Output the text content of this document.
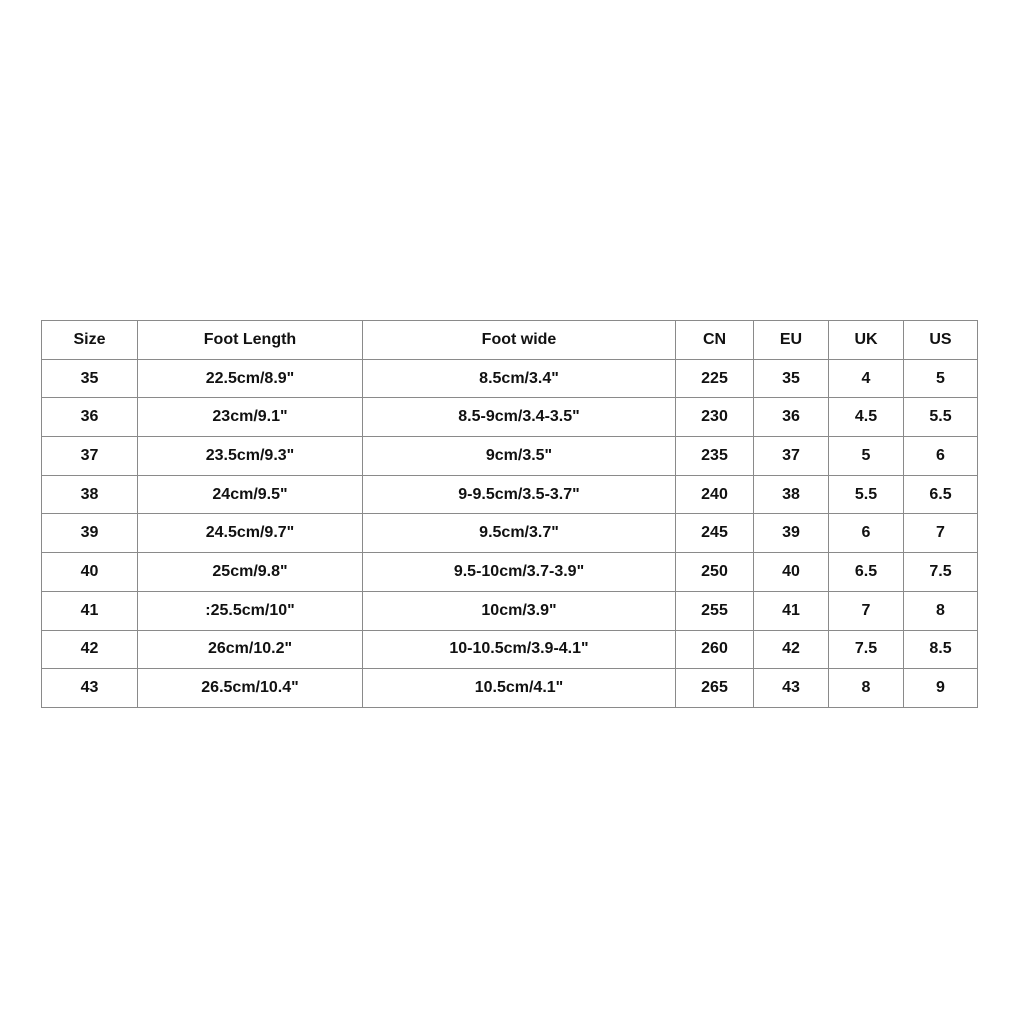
Size	Foot Length	Foot wide	CN	EU	UK	US
35	22.5cm/8.9"	8.5cm/3.4"	225	35	4	5
36	23cm/9.1"	8.5-9cm/3.4-3.5"	230	36	4.5	5.5
37	23.5cm/9.3"	9cm/3.5"	235	37	5	6
38	24cm/9.5"	9-9.5cm/3.5-3.7"	240	38	5.5	6.5
39	24.5cm/9.7"	9.5cm/3.7"	245	39	6	7
40	25cm/9.8"	9.5-10cm/3.7-3.9"	250	40	6.5	7.5
41	:25.5cm/10"	10cm/3.9"	255	41	7	8
42	26cm/10.2"	10-10.5cm/3.9-4.1"	260	42	7.5	8.5
43	26.5cm/10.4"	10.5cm/4.1"	265	43	8	9
